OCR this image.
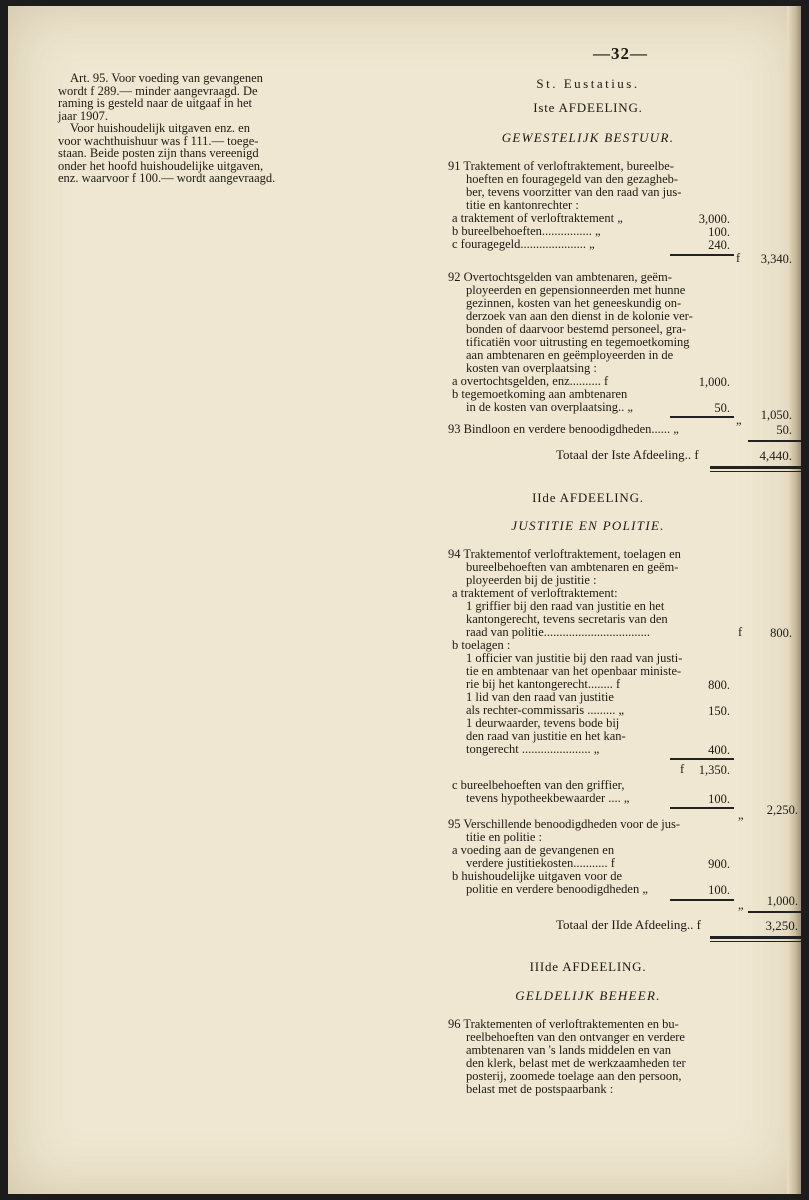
—32—

Art. 95. Voor voeding van gevangenen

wordt f 289.— minder aangevraagd. De

raming is gesteld naar de uitgaaf in het

jaar 1907.

Voor huishoudelijk uitgaven enz. en

voor wachthuishuur was f 111.— toege-

staan. Beide posten zijn thans vereenigd

onder het hoofd huishoudelijke uitgaven,

enz. waarvoor f 100.— wordt aangevraagd.

St. Eustatius.
Iste AFDEELING.
GEWESTELIJK BESTUUR.
91 Traktement of verloftraktement, bureelbe-
hoeften en fouragegeld van den gezagheb-
ber, tevens voorzitter van den raad van jus-
titie en kantonrechter :
a traktement of verloftraktement „	3,000.
b bureelbehoeften................ „	100.
c fouragegeld..................... „	240.
f	3,340.
92 Overtochtsgelden van ambtenaren, geëm-
ployeerden en gepensionneerden met hunne
gezinnen, kosten van het geneeskundig on-
derzoek van aan den dienst in de kolonie ver-
bonden of daarvoor bestemd personeel, gra-
tificatiën voor uitrusting en tegemoetkoming
aan ambtenaren en geëmployeerden in de
kosten van overplaatsing :
a overtochtsgelden, enz.......... f	1,000.
b tegemoetkoming aan ambtenaren
in de kosten van overplaatsing.. „	50.
„	1,050.
93 Bindloon en verdere benoodigdheden...... „	50.
Totaal der Iste Afdeeling.. f	4,440.
IIde AFDEELING.
JUSTITIE EN POLITIE.
94 Traktementof verloftraktement, toelagen en
bureelbehoeften van ambtenaren en geëm-
ployeerden bij de justitie :
a traktement of verloftraktement:
1 griffier bij den raad van justitie en het
kantongerecht, tevens secretaris van den
raad van politie..................................	f	800.
b toelagen :
1 officier van justitie bij den raad van justi-
tie en ambtenaar van het openbaar ministe-
rie bij het kantongerecht........ f	800.
1 lid van den raad van justitie
als rechter-commissaris ......... „	150.
1 deurwaarder, tevens bode bij
den raad van justitie en het kan-
tongerecht ...................... „	400.
f	1,350.
c bureelbehoeften van den griffier,
tevens hypotheekbewaarder .... „	100.
„	2,250.
95 Verschillende benoodigdheden voor de jus-
titie en politie :
a voeding aan de gevangenen en
verdere justitiekosten........... f	900.
b huishoudelijke uitgaven voor de
politie en verdere benoodigdheden „	100.
„	1,000.
Totaal der IIde Afdeeling.. f	3,250.
IIIde AFDEELING.
GELDELIJK BEHEER.
96 Traktementen of verloftraktementen en bu-
reelbehoeften van den ontvanger en verdere
ambtenaren van 's lands middelen en van
den klerk, belast met de werkzaamheden ter
posterij, zoomede toelage aan den persoon,
belast met de postspaarbank :
